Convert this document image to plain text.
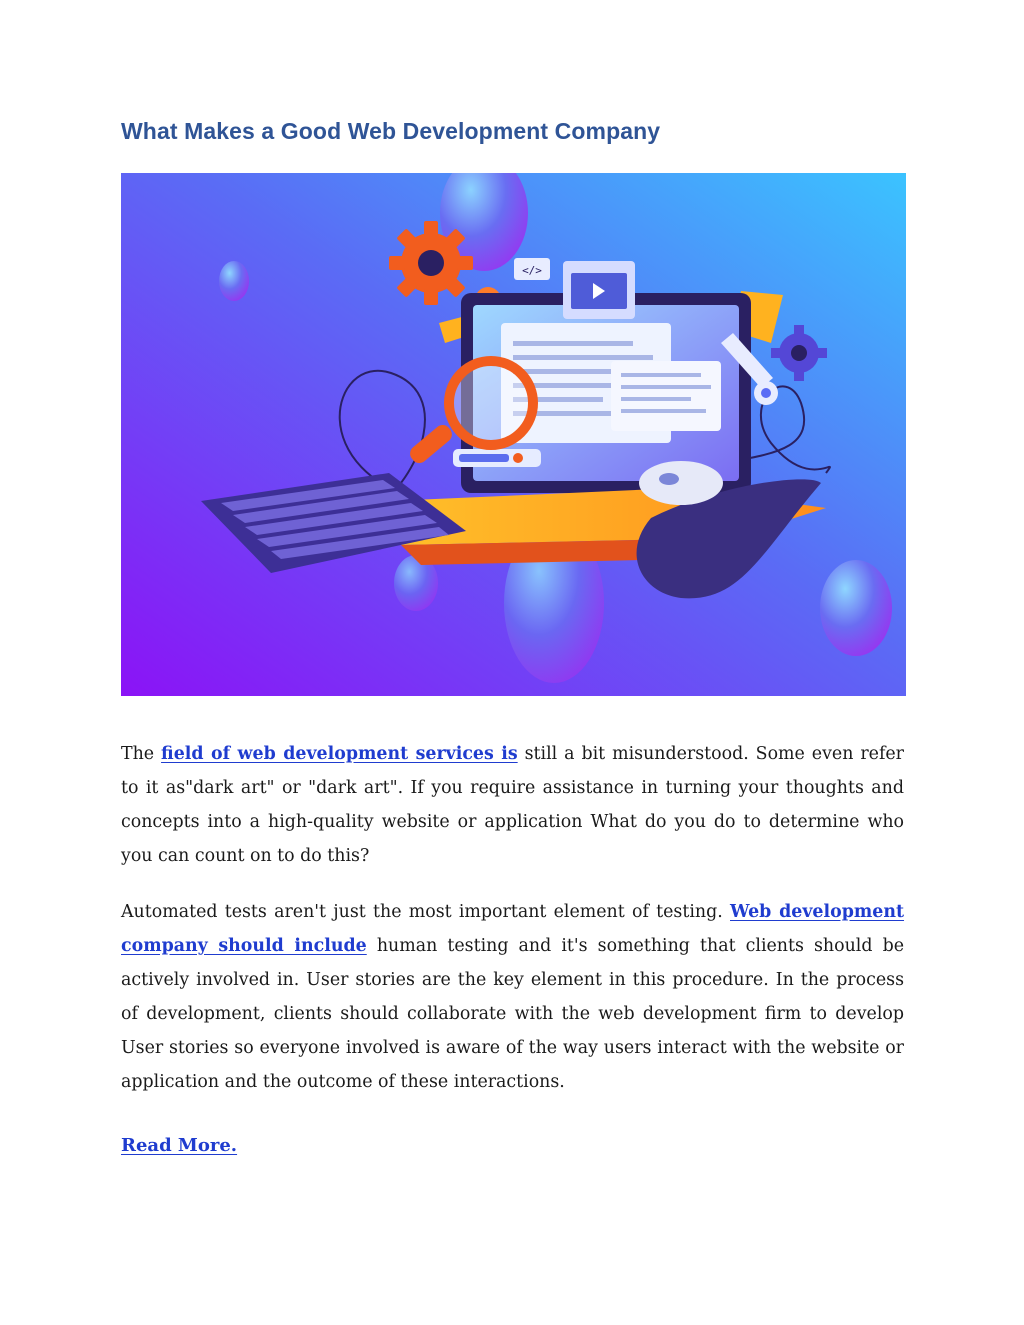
What Makes a Good Web Development Company
</>

The field of web development services is still a bit misunderstood. Some even refer to it as"dark art" or "dark art". If you require assistance in turning your thoughts and concepts into a high-quality website or application What do you do to determine who you can count on to do this?

Automated tests aren't just the most important element of testing. Web development company should include human testing and it's something that clients should be actively involved in. User stories are the key element in this procedure. In the process of development, clients should collaborate with the web development firm to develop User stories so everyone involved is aware of the way users interact with the website or application and the outcome of these interactions.

Read More.
